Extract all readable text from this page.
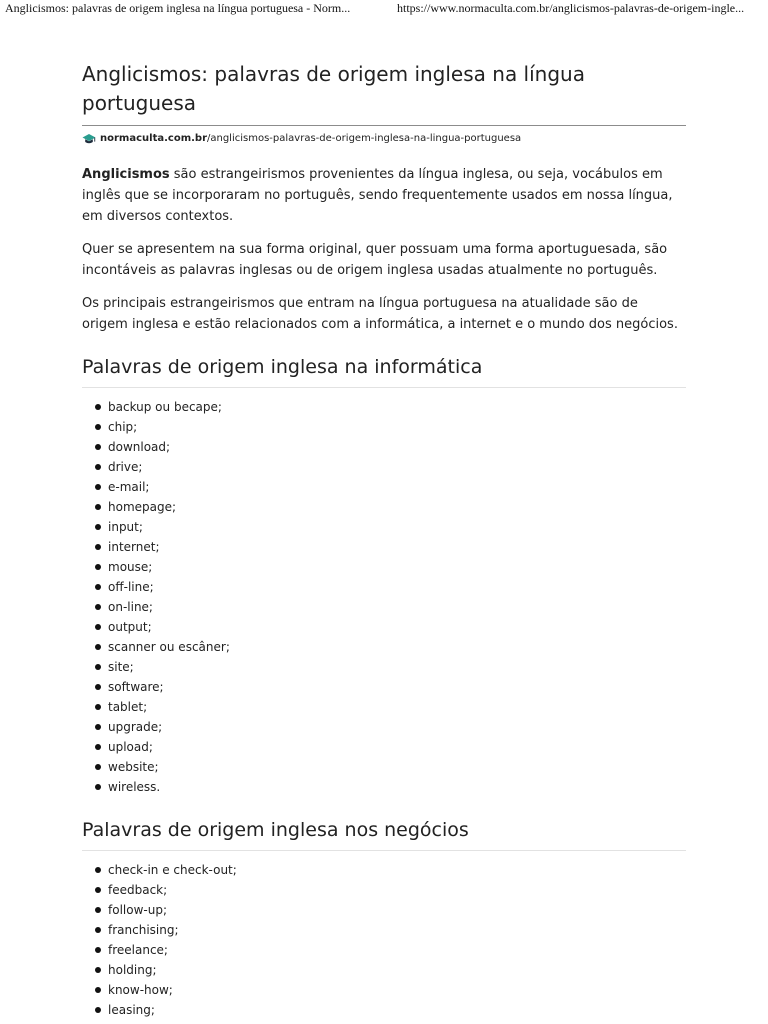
Anglicismos: palavras de origem inglesa na língua portuguesa - Norm...	https://www.normaculta.com.br/anglicismos-palavras-de-origem-ingle...
Anglicismos: palavras de origem inglesa na língua portuguesa
normaculta.com.br /anglicismos-palavras-de-origem-inglesa-na-lingua-portuguesa

Anglicismos são estrangeirismos provenientes da língua inglesa, ou seja, vocábulos em inglês que se incorporaram no português, sendo frequentemente usados em nossa língua, em diversos contextos.

Quer se apresentem na sua forma original, quer possuam uma forma aportuguesada, são incontáveis as palavras inglesas ou de origem inglesa usadas atualmente no português.

Os principais estrangeirismos que entram na língua portuguesa na atualidade são de origem inglesa e estão relacionados com a informática, a internet e o mundo dos negócios.

Palavras de origem inglesa na informática
backup ou becape;
chip;
download;
drive;
e-mail;
homepage;
input;
internet;
mouse;
off-line;
on-line;
output;
scanner ou escâner;
site;
software;
tablet;
upgrade;
upload;
website;
wireless.
Palavras de origem inglesa nos negócios
check-in e check-out;
feedback;
follow-up;
franchising;
freelance;
holding;
know-how;
leasing;
